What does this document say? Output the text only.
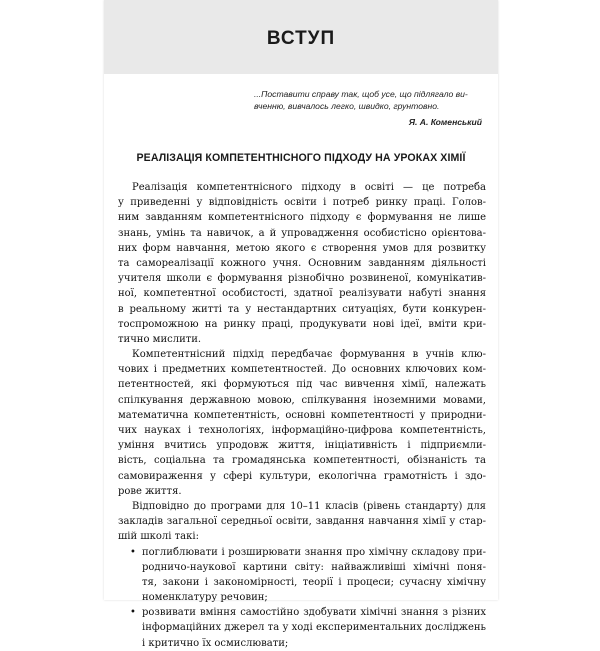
ВСТУП
...Поставити справу так, щоб усе, що підлягало ви-
вченню, вивчалось легко, швидко, грунтовно.
Я. А. Коменський
РЕАЛІЗАЦІЯ КОМПЕТЕНТНІСНОГО ПІДХОДУ НА УРОКАХ ХІМІЇ
Реалізація компетентнісного підходу в освіті — це потреба
у приведенні у відповідність освіти і потреб ринку праці. Голов-
ним завданням компетентнісного підходу є формування не лише
знань, умінь та навичок, а й упровадження особистісно орієнтова-
них форм навчання, метою якого є створення умов для розвитку
та самореалізації кожного учня. Основним завданням діяльності
учителя школи є формування різнобічно розвиненої, комунікатив-
ної, компетентної особистості, здатної реалізувати набуті знання
в реальному житті та у нестандартних ситуаціях, бути конкурен-
тоспроможною на ринку праці, продукувати нові ідеї, вміти кри-
тично мислити.
Компетентнісний підхід передбачає формування в учнів клю-
чових і предметних компетентностей. До основних ключових ком-
петентностей, які формуються під час вивчення хімії, належать
спілкування державною мовою, спілкування іноземними мовами,
математична компетентність, основні компетентності у природни-
чих науках і технологіях, інформаційно-цифрова компетентність,
уміння вчитись упродовж життя, ініціативність і підприємли-
вість, соціальна та громадянська компетентності, обізнаність та
самовираження у сфері культури, екологічна грамотність і здо-
рове життя.
Відповідно до програми для 10–11 класів (рівень стандарту) для
закладів загальної середньої освіти, завдання навчання хімії у стар-
шій школі такі:
• поглиблювати і розширювати знання про хімічну складову при-
родничо-наукової картини світу: найважливіші хімічні поня-
тя, закони і закономірності, теорії і процеси; сучасну хімічну
номенклатуру речовин;
• розвивати вміння самостійно здобувати хімічні знання з різних
інформаційних джерел та у ході експериментальних досліджень
і критично їх осмислювати;
